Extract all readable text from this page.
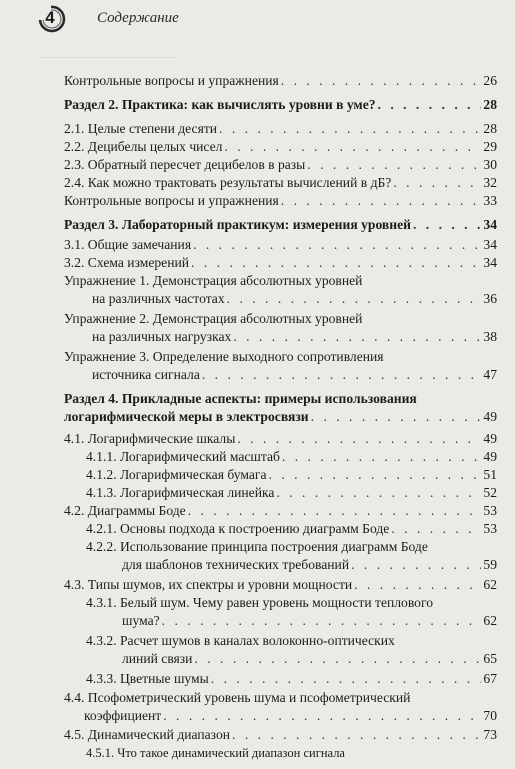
——————————————
4	Содержание
Контрольные вопросы и упражнения . . .	26
Раздел 2. Практика: как вычислять уровни в уме? . . .	28
2.1. Целые степени десяти . . .	28
2.2. Децибелы целых чисел . . .	29
2.3. Обратный пересчет децибелов в разы . . .	30
2.4. Как можно трактовать результаты вычислений в дБ? . . .	32
Контрольные вопросы и упражнения . . .	33
Раздел 3. Лабораторный практикум: измерения уровней . . .	34
3.1. Общие замечания . . .	34
3.2. Схема измерений . . .	34
Упражнение 1. Демонстрация абсолютных уровней
на различных частотах . . .	36
Упражнение 2. Демонстрация абсолютных уровней
на различных нагрузках . . .	38
Упражнение 3. Определение выходного сопротивления
источника сигнала . . .	47
Раздел 4. Прикладные аспекты: примеры использования
логарифмической меры в электросвязи . . .	49
4.1. Логарифмические шкалы . . .	49
4.1.1. Логарифмический масштаб . . .	49
4.1.2. Логарифмическая бумага . . .	51
4.1.3. Логарифмическая линейка . . .	52
4.2. Диаграммы Боде . . .	53
4.2.1. Основы подхода к построению диаграмм Боде . . .	53
4.2.2. Использование принципа построения диаграмм Боде
для шаблонов технических требований . . .	59
4.3. Типы шумов, их спектры и уровни мощности . . .	62
4.3.1. Белый шум. Чему равен уровень мощности теплового
шума? . . .	62
4.3.2. Расчет шумов в каналах волоконно-оптических
линий связи . . .	65
4.3.3. Цветные шумы . . .	67
4.4. Псофометрический уровень шума и псофометрический
коэффициент . . .	70
4.5. Динамический диапазон . . .	73
4.5.1. Что такое динамический диапазон сигнала
